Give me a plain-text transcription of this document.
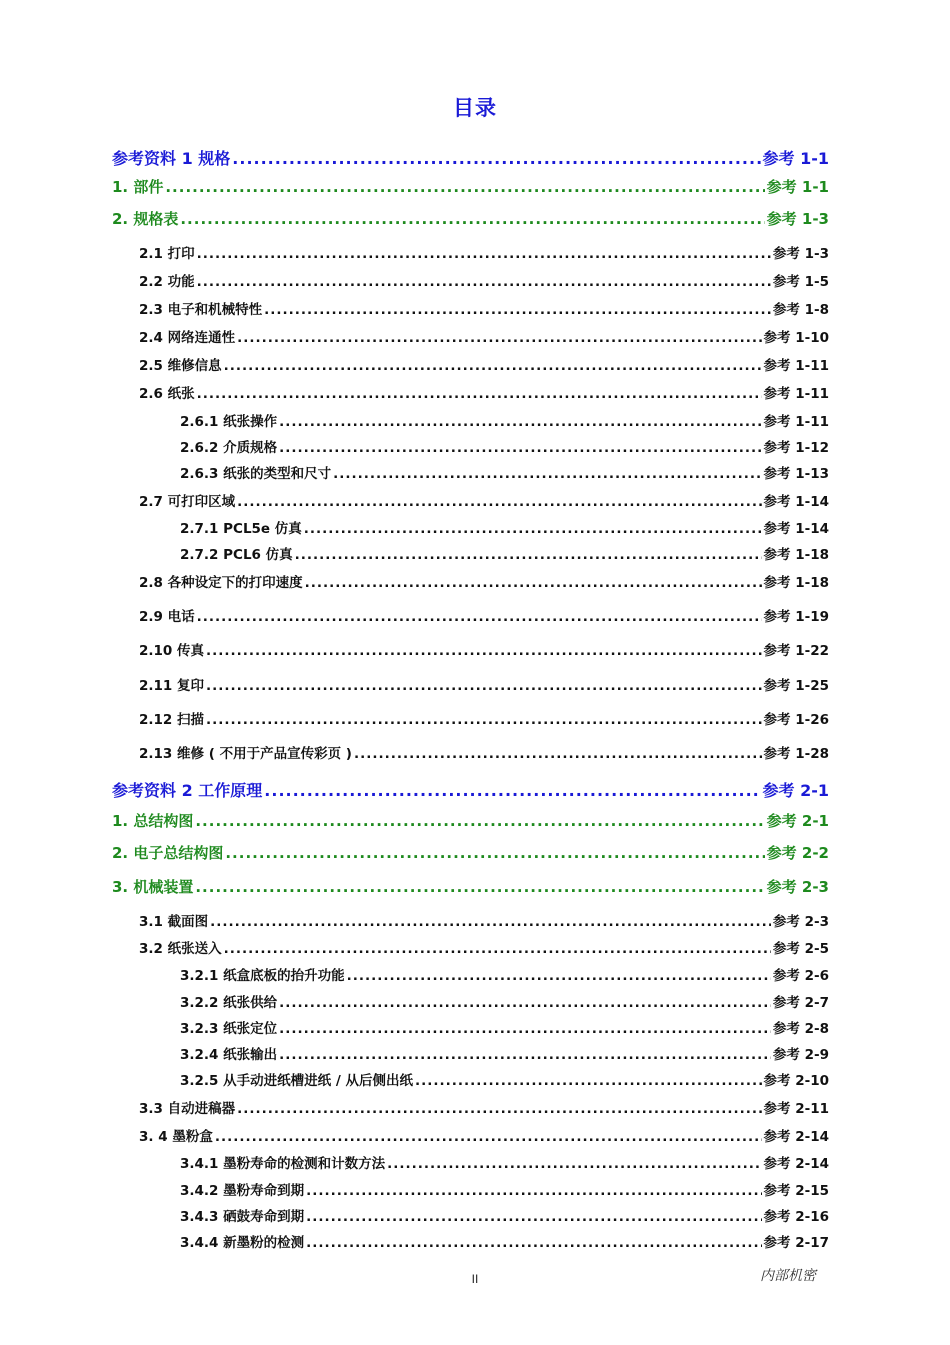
目录
参考资料 1 规格 .....	参考 1-1
1. 部件 .....	参考 1-1
2. 规格表 .....	参考 1-3
2.1 打印 .....	参考 1-3
2.2 功能 .....	参考 1-5
2.3 电子和机械特性 .....	参考 1-8
2.4 网络连通性 .....	参考 1-10
2.5 维修信息 .....	参考 1-11
2.6 纸张 .....	参考 1-11
2.6.1 纸张操作 .....	参考 1-11
2.6.2 介质规格 .....	参考 1-12
2.6.3 纸张的类型和尺寸 .....	参考 1-13
2.7 可打印区域 .....	参考 1-14
2.7.1 PCL5e 仿真 .....	参考 1-14
2.7.2 PCL6 仿真 .....	参考 1-18
2.8 各种设定下的打印速度 .....	参考 1-18
2.9 电话 .....	参考 1-19
2.10 传真 .....	参考 1-22
2.11 复印 .....	参考 1-25
2.12 扫描 .....	参考 1-26
2.13 维修 ( 不用于产品宣传彩页 ) .....	参考 1-28
参考资料 2 工作原理 .....	参考 2-1
1. 总结构图 .....	参考 2-1
2. 电子总结构图 .....	参考 2-2
3. 机械装置 .....	参考 2-3
3.1 截面图 .....	参考 2-3
3.2 纸张送入 .....	参考 2-5
3.2.1 纸盒底板的抬升功能 .....	参考 2-6
3.2.2 纸张供给 .....	参考 2-7
3.2.3 纸张定位 .....	参考 2-8
3.2.4 纸张输出 .....	参考 2-9
3.2.5 从手动进纸槽进纸 / 从后侧出纸 .....	参考 2-10
3.3 自动进稿器 .....	参考 2-11
3. 4 墨粉盒 .....	参考 2-14
3.4.1 墨粉寿命的检测和计数方法 .....	参考 2-14
3.4.2 墨粉寿命到期 .....	参考 2-15
3.4.3 硒鼓寿命到期 .....	参考 2-16
3.4.4 新墨粉的检测 .....	参考 2-17
II	内部机密
